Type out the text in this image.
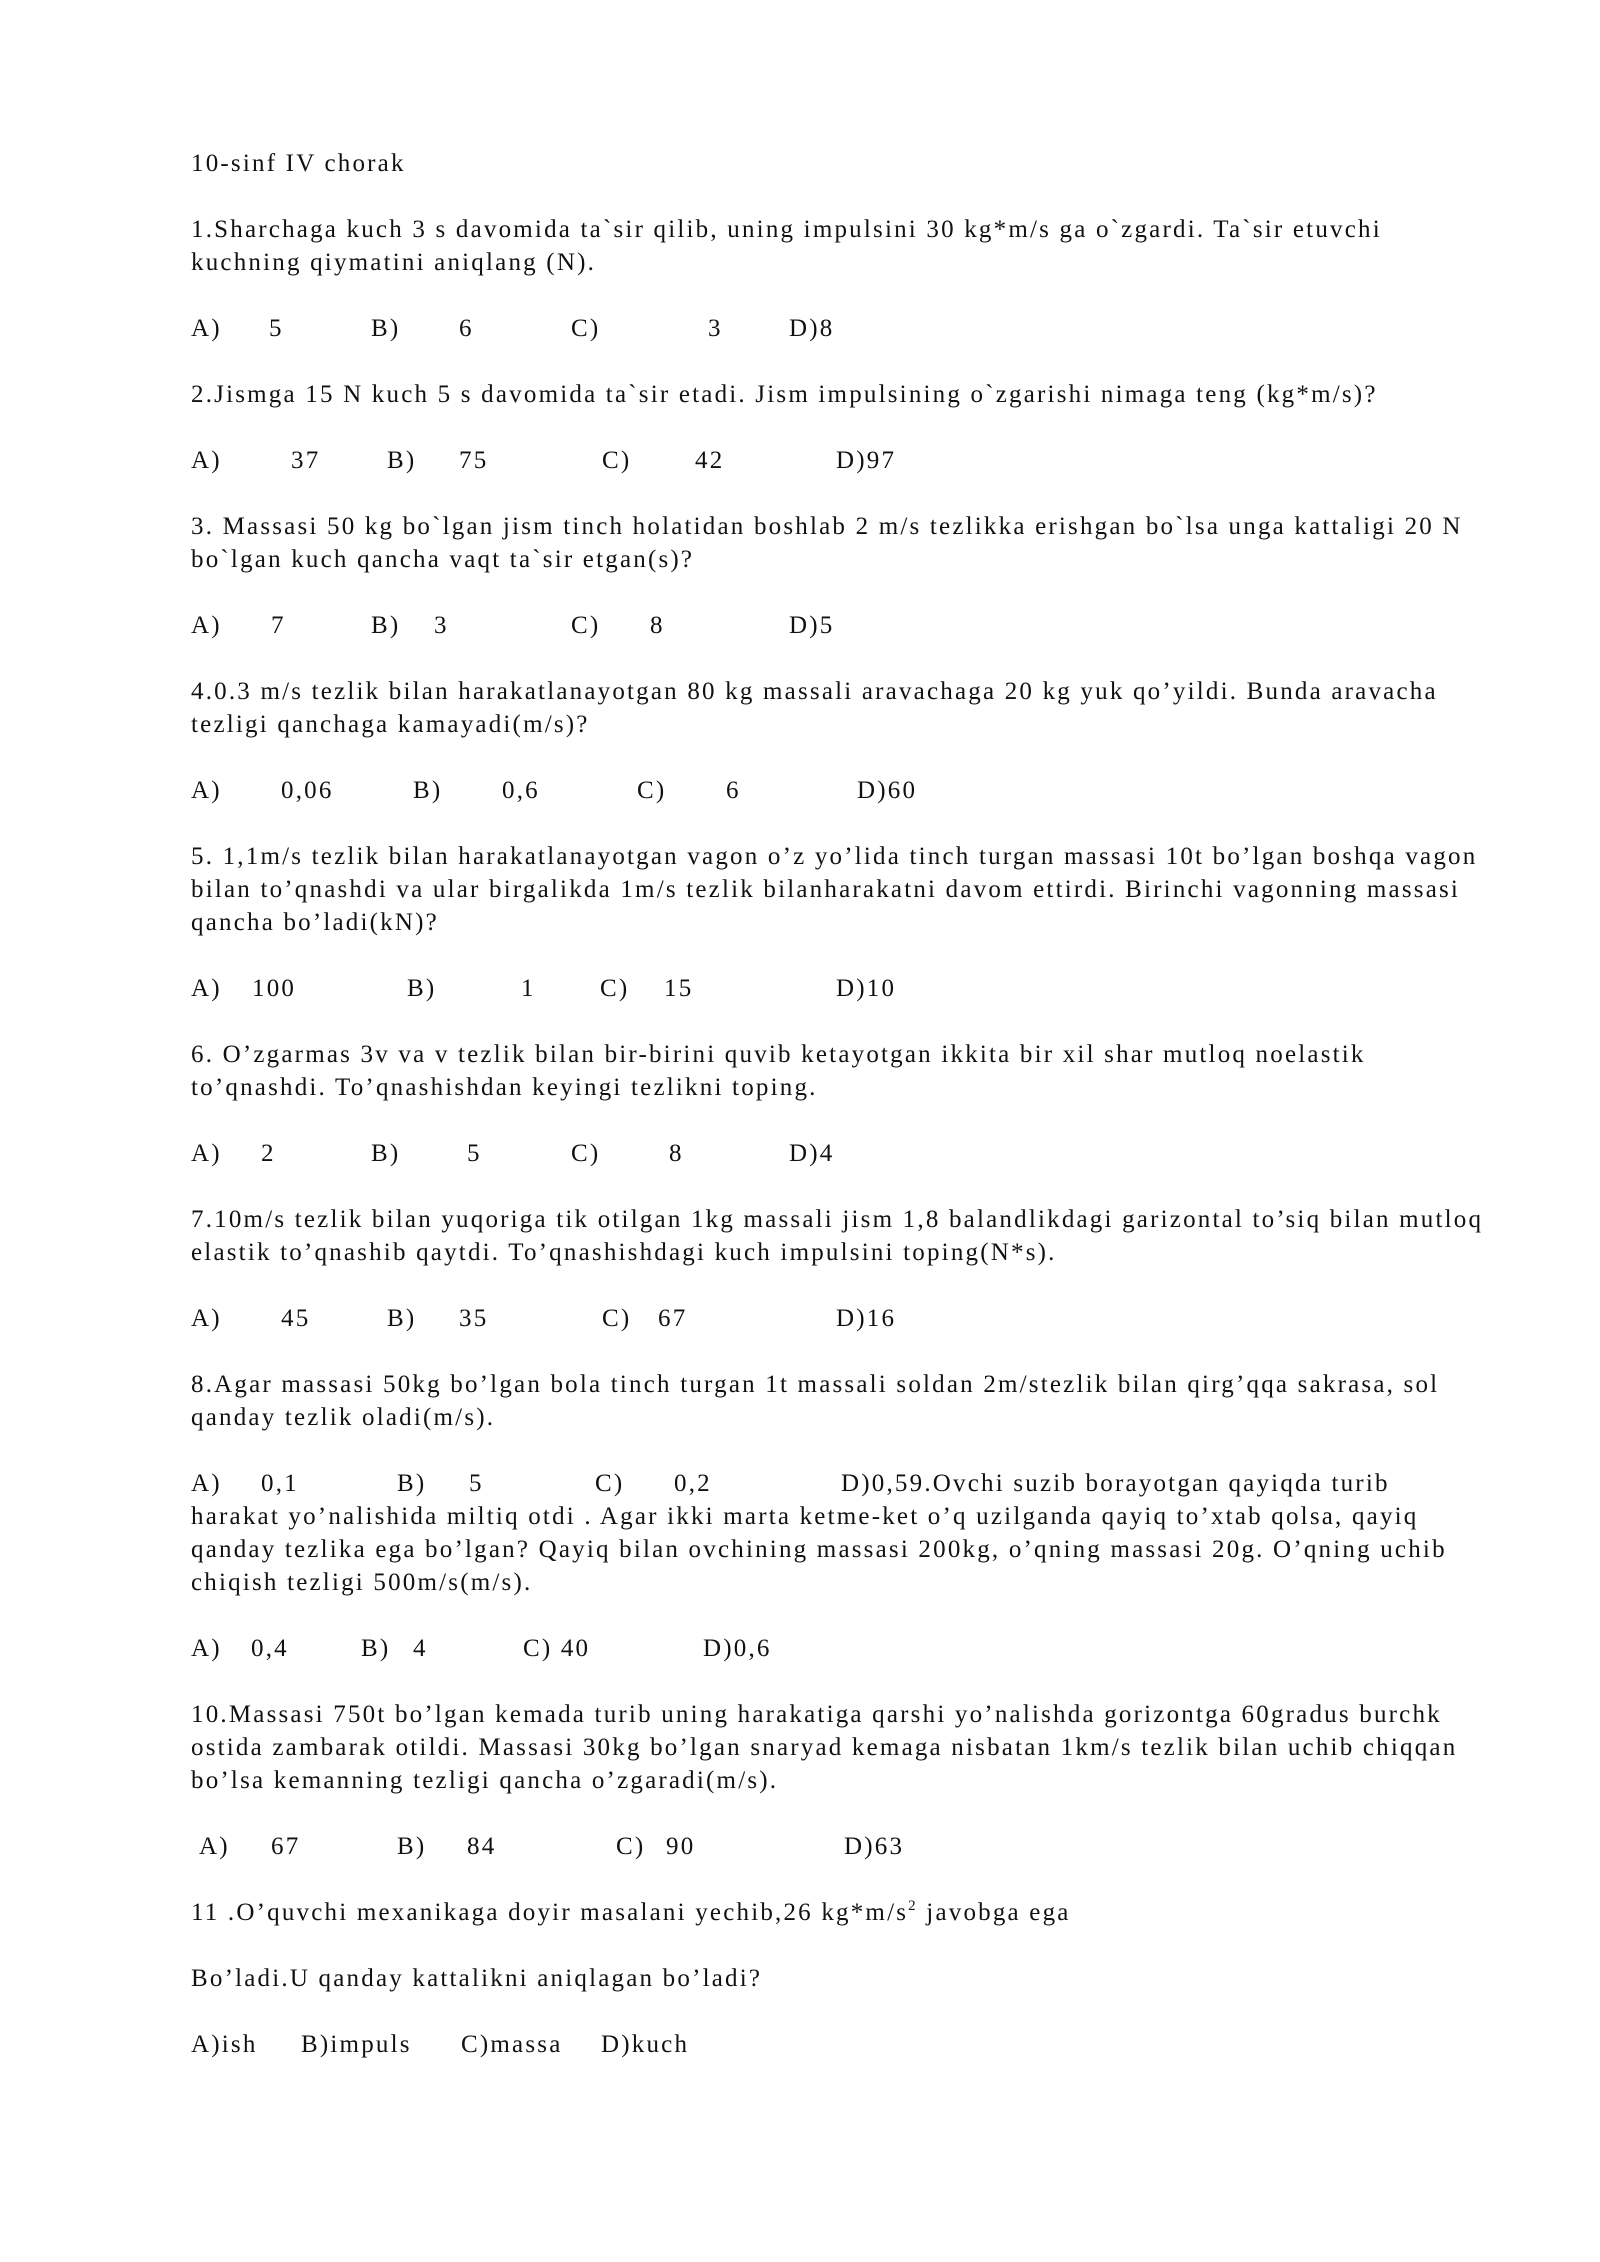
10-sinf IV chorak

1.Sharchaga kuch 3 s davomida ta`sir qilib, uning impulsini 30 kg*m/s ga o`zgardi. Ta`sir etuvchi kuchning qiymatini aniqlang (N).

A) 5	B) 6	C)	3	D)8

2.Jismga 15 N kuch 5 s davomida ta`sir etadi. Jism impulsining o`zgarishi nimaga teng (kg*m/s)?

A)	37	B) 75	C)	42	D)97

3. Massasi 50 kg bo`lgan jism tinch holatidan boshlab 2 m/s tezlikka erishgan bo`lsa unga kattaligi 20 N bo`lgan kuch qancha vaqt ta`sir etgan(s)?

A) 7	B) 3	C) 8	D)5

4.0.3 m/s tezlik bilan harakatlanayotgan 80 kg massali aravachaga 20 kg yuk qo’yildi. Bunda aravacha tezligi qanchaga kamayadi(m/s)?

A) 0,06	B) 0,6	C) 6	D)60

5. 1,1m/s tezlik bilan harakatlanayotgan vagon o’z yo’lida tinch turgan massasi 10t bo’lgan boshqa vagon bilan to’qnashdi va ular birgalikda 1m/s tezlik bilanharakatni davom ettirdi. Birinchi vagonning massasi qancha bo’ladi(kN)?

A) 100	B)	1	C) 15	D)10

6. O’zgarmas 3v va v tezlik bilan bir-birini quvib ketayotgan ikkita bir xil shar mutloq noelastik to’qnashdi. To’qnashishdan keyingi tezlikni toping.

A) 2	B)	5	C)	8	D)4

7.10m/s tezlik bilan yuqoriga tik otilgan 1kg massali jism 1,8 balandlikdagi garizontal to’siq bilan mutloq elastik to’qnashib qaytdi. To’qnashishdagi kuch impulsini toping(N*s).

A) 45	B) 35	C) 67	D)16

8.Agar massasi 50kg bo’lgan bola tinch turgan 1t massali soldan 2m/stezlik bilan qirg’qqa sakrasa, sol qanday tezlik oladi(m/s).

A) 0,1	B) 5	C) 0,2	D)0,59.Ovchi suzib borayotgan qayiqda turib

harakat yo’nalishida miltiq otdi . Agar ikki marta ketme-ket o’q uzilganda qayiq to’xtab qolsa, qayiq qanday tezlika ega bo’lgan? Qayiq bilan ovchining massasi 200kg, o’qning massasi 20g. O’qning uchib chiqish tezligi 500m/s(m/s).

A) 0,4	B) 4	C) 40	D)0,6

10.Massasi 750t bo’lgan kemada turib uning harakatiga qarshi yo’nalishda gorizontga 60gradus burchk ostida zambarak otildi. Massasi 30kg bo’lgan snaryad kemaga nisbatan 1km/s tezlik bilan uchib chiqqan bo’lsa kemanning tezligi qancha o’zgaradi(m/s).

A) 67	B) 84	C) 90	D)63

11 .O’quvchi mexanikaga doyir masalani yechib,26 $kg*m/s^2$ javobga ega

Bo’ladi.U qanday kattalikni aniqlagan bo’ladi?

A)ish B)impuls C)massa D)kuch
